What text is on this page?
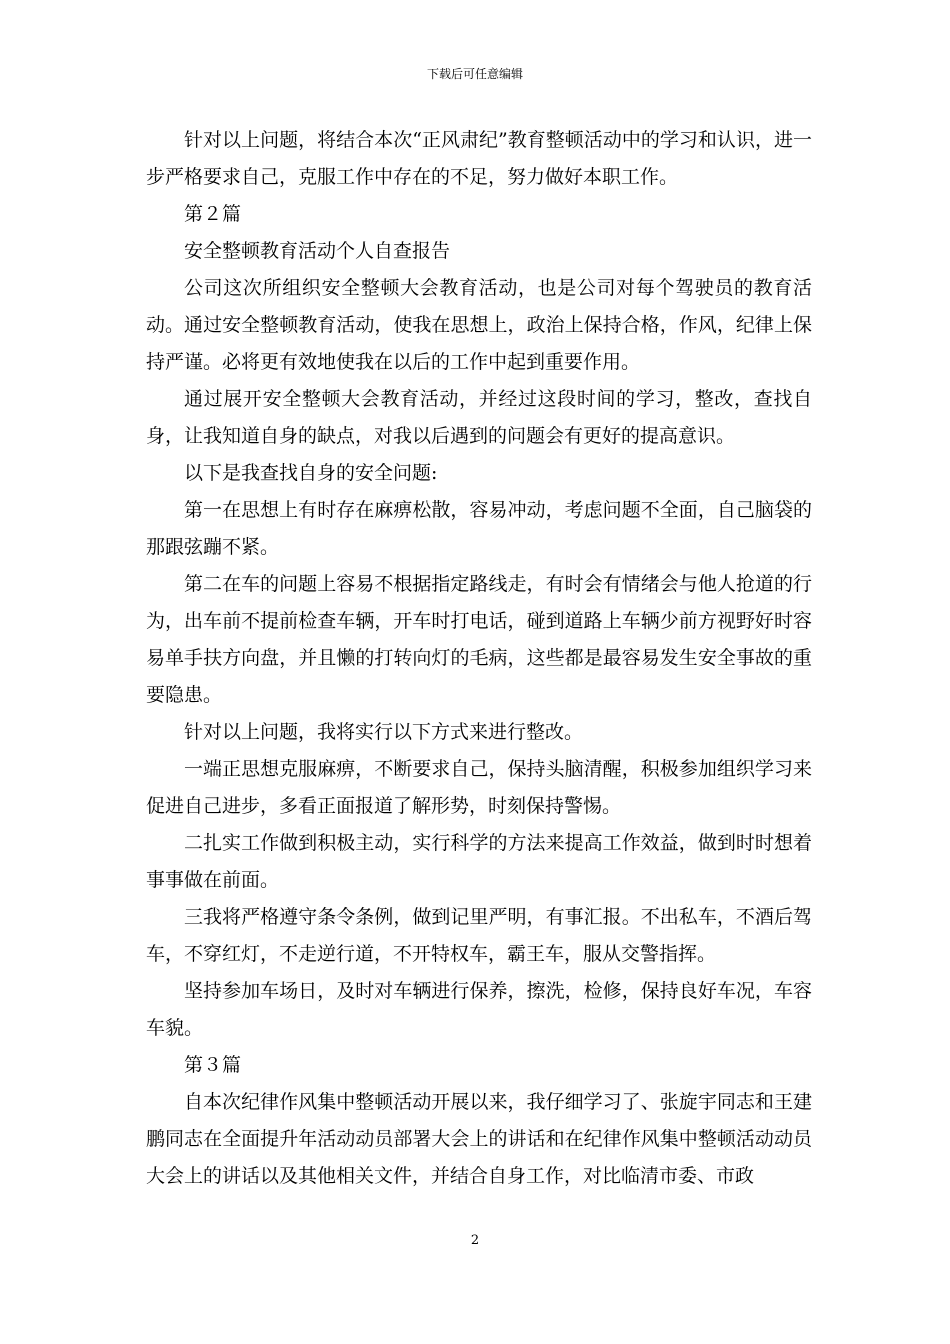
下载后可任意编辑

针对以上问题，将结合本次“正风肃纪”教育整顿活动中的学习和认识，进一步严格要求自己，克服工作中存在的不足，努力做好本职工作。

第２篇

安全整顿教育活动个人自查报告

公司这次所组织安全整顿大会教育活动，也是公司对每个驾驶员的教育活动。通过安全整顿教育活动，使我在思想上，政治上保持合格，作风，纪律上保持严谨。必将更有效地使我在以后的工作中起到重要作用。

通过展开安全整顿大会教育活动，并经过这段时间的学习，整改，查找自身，让我知道自身的缺点，对我以后遇到的问题会有更好的提高意识。

以下是我查找自身的安全问题:

第一在思想上有时存在麻痹松散，容易冲动，考虑问题不全面，自己脑袋的那跟弦蹦不紧。

第二在车的问题上容易不根据指定路线走，有时会有情绪会与他人抢道的行为，出车前不提前检查车辆，开车时打电话，碰到道路上车辆少前方视野好时容易单手扶方向盘，并且懒的打转向灯的毛病，这些都是最容易发生安全事故的重要隐患。

针对以上问题，我将实行以下方式来进行整改。

一端正思想克服麻痹，不断要求自己，保持头脑清醒，积极参加组织学习来促进自己进步，多看正面报道了解形势，时刻保持警惕。

二扎实工作做到积极主动，实行科学的方法来提高工作效益，做到时时想着事事做在前面。

三我将严格遵守条令条例，做到记里严明，有事汇报。不出私车，不酒后驾车，不穿红灯，不走逆行道，不开特权车，霸王车，服从交警指挥。

坚持参加车场日，及时对车辆进行保养，擦洗，检修，保持良好车况，车容车貌。

第３篇

自本次纪律作风集中整顿活动开展以来，我仔细学习了、张旋宇同志和王建鹏同志在全面提升年活动动员部署大会上的讲话和在纪律作风集中整顿活动动员大会上的讲话以及其他相关文件，并结合自身工作，对比临清市委、市政

2
